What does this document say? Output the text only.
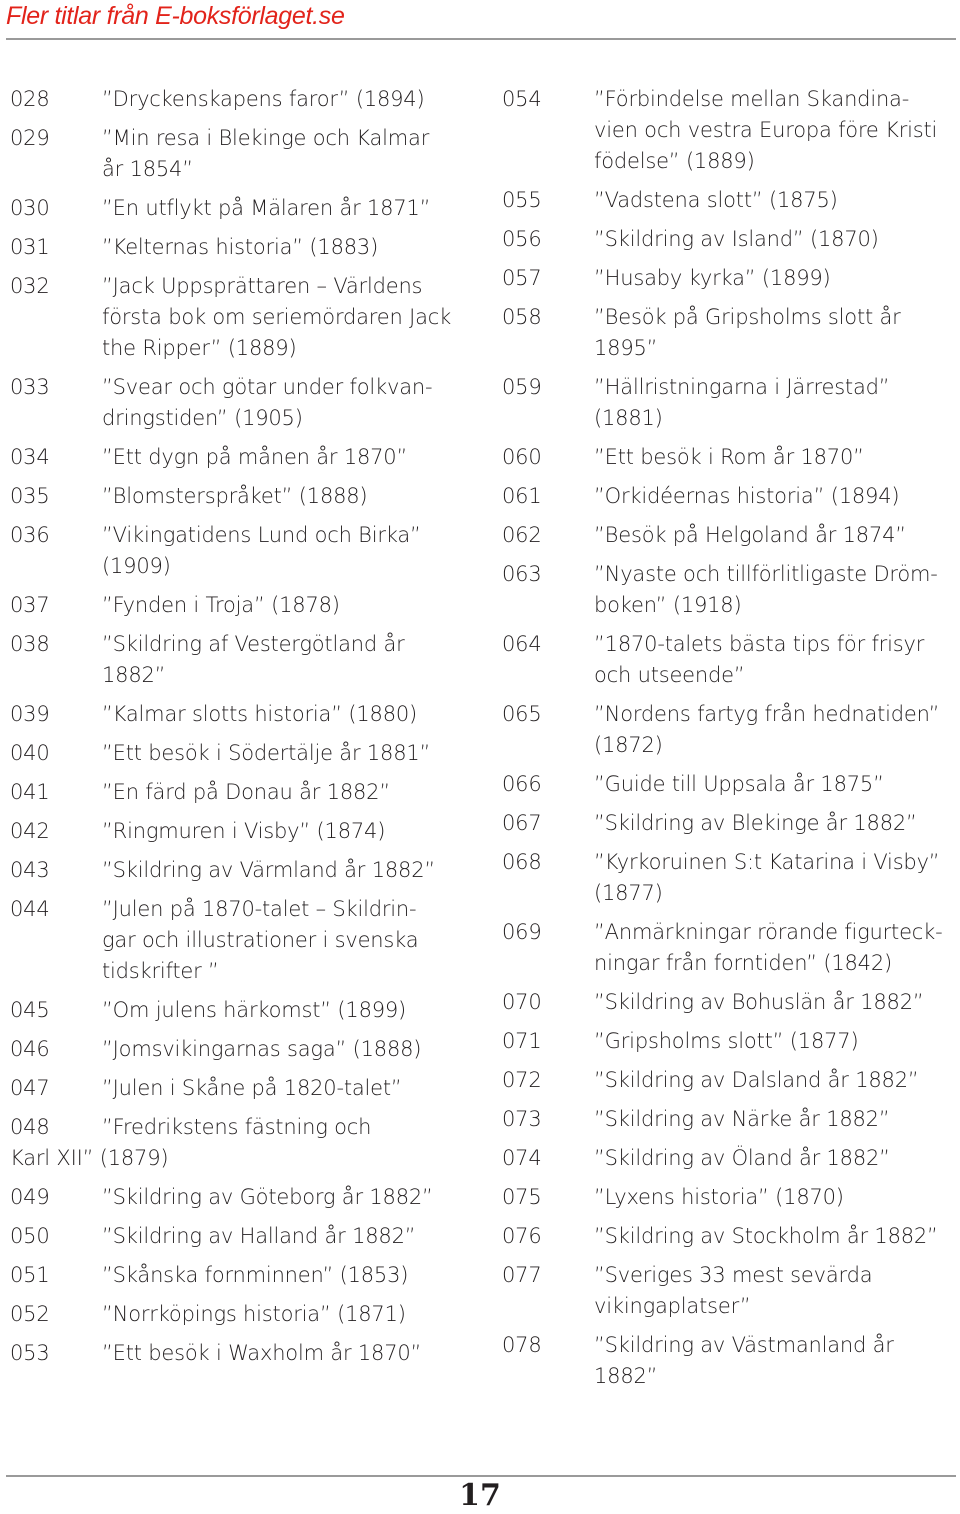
Fler titlar från E-boksförlaget.se
028	”Dryckenskapens faror” (1894)
029	”Min resa i Blekinge och Kalmar
år 1854”
030	”En utflykt på Mälaren år 1871”
031	”Kelternas historia” (1883)
032	”Jack Uppsprättaren – Världens
första bok om seriemördaren Jack
the Ripper” (1889)
033	”Svear och götar under folkvan-
dringstiden” (1905)
034	”Ett dygn på månen år 1870”
035	”Blomsterspråket” (1888)
036	”Vikingatidens Lund och Birka”
(1909)
037	”Fynden i Troja” (1878)
038	”Skildring af Vestergötland år
1882”
039	”Kalmar slotts historia” (1880)
040	”Ett besök i Södertälje år 1881”
041	”En färd på Donau år 1882”
042	”Ringmuren i Visby” (1874)
043	”Skildring av Värmland år 1882”
044	”Julen på 1870-talet – Skildrin-
gar och illustrationer i svenska
tidskrifter ”
045	”Om julens härkomst” (1899)
046	”Jomsvikingarnas saga” (1888)
047	”Julen i Skåne på 1820-talet”
048	”Fredrikstens fästning och
Karl XII” (1879)
049	”Skildring av Göteborg år 1882”
050	”Skildring av Halland år 1882”
051	”Skånska fornminnen” (1853)
052	”Norrköpings historia” (1871)
053	”Ett besök i Waxholm år 1870”
054	”Förbindelse mellan Skandina-
vien och vestra Europa före Kristi
födelse” (1889)
055	”Vadstena slott” (1875)
056	”Skildring av Island” (1870)
057	”Husaby kyrka” (1899)
058	”Besök på Gripsholms slott år
1895”
059	”Hällristningarna i Järrestad”
(1881)
060	”Ett besök i Rom år 1870”
061	”Orkidéernas historia” (1894)
062	”Besök på Helgoland år 1874”
063	”Nyaste och tillförlitligaste Dröm-
boken” (1918)
064	”1870-talets bästa tips för frisyr
och utseende”
065	”Nordens fartyg från hednatiden”
(1872)
066	”Guide till Uppsala år 1875”
067	”Skildring av Blekinge år 1882”
068	”Kyrkoruinen S:t Katarina i Visby”
(1877)
069	”Anmärkningar rörande figurteck-
ningar från forntiden” (1842)
070	”Skildring av Bohuslän år 1882”
071	”Gripsholms slott” (1877)
072	”Skildring av Dalsland år 1882”
073	”Skildring av Närke år 1882”
074	”Skildring av Öland år 1882”
075	”Lyxens historia” (1870)
076	”Skildring av Stockholm år 1882”
077	”Sveriges 33 mest sevärda
vikingaplatser”
078	”Skildring av Västmanland år
1882”
17
